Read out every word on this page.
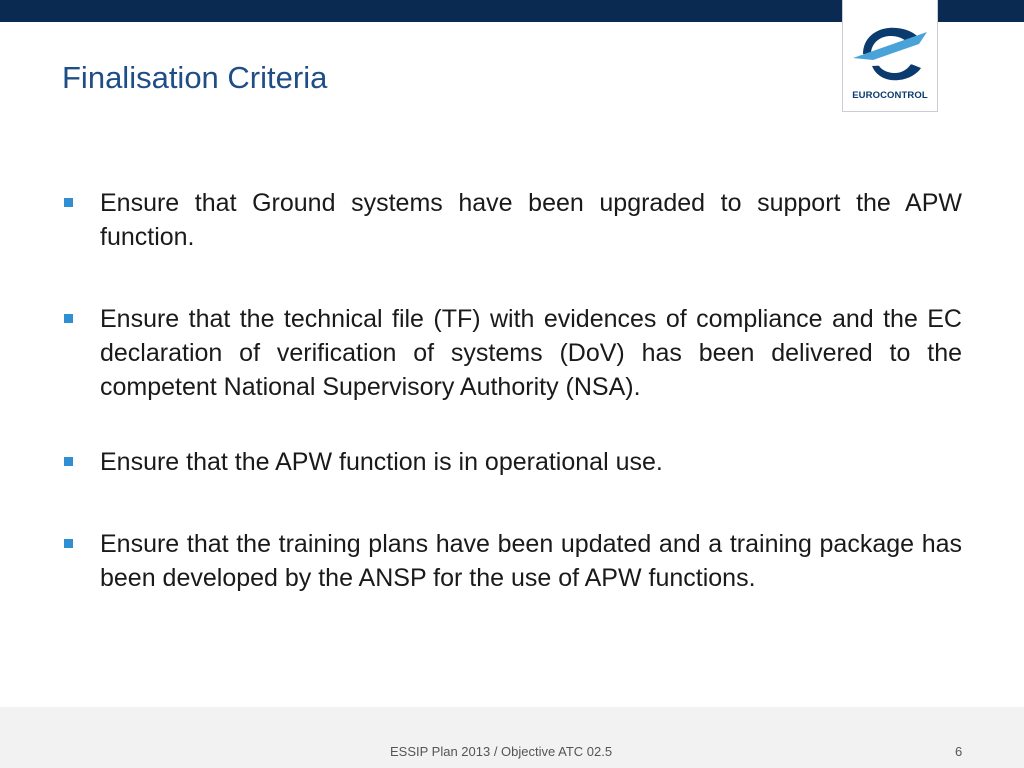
EUROCONTROL
Finalisation Criteria
Ensure that Ground systems have been upgraded to support the APW function.
Ensure that the technical file (TF) with evidences of compliance and the EC declaration of verification of systems (DoV) has been delivered to the competent National Supervisory Authority (NSA).
Ensure that the APW function is in operational use.
Ensure that the training plans have been updated and a training package has been developed by the ANSP for the use of APW functions.
ESSIP Plan 2013 / Objective ATC 02.5	6
